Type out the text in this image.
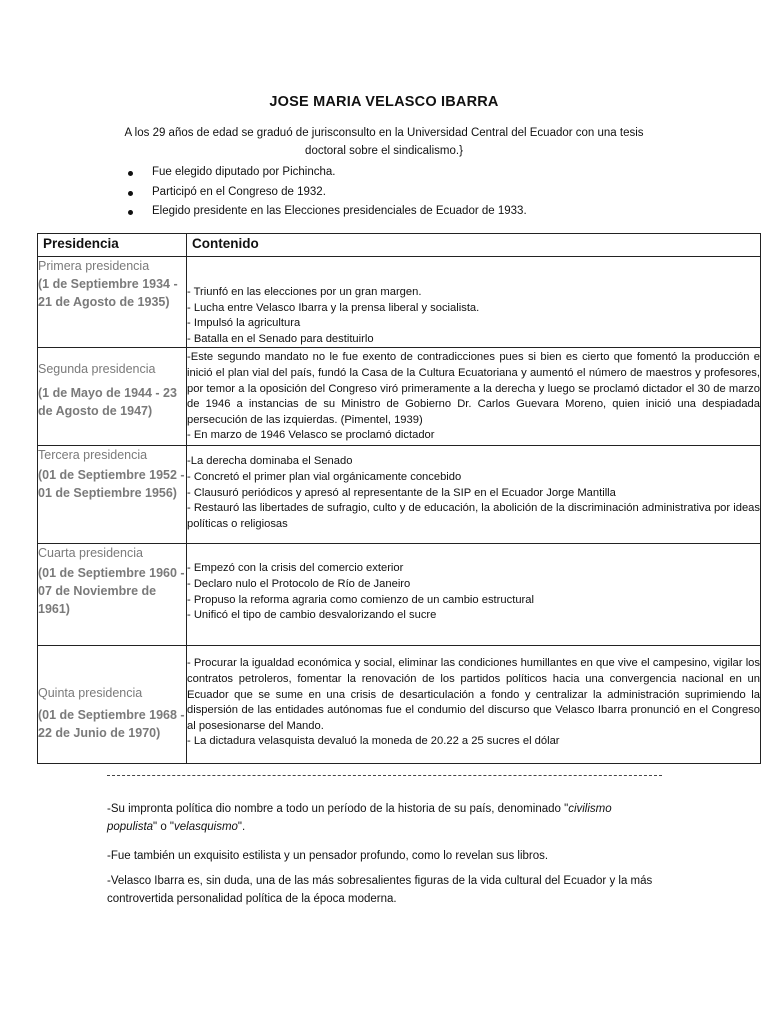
JOSE MARIA VELASCO IBARRA
A los 29 años de edad se graduó de jurisconsulto en la Universidad Central del Ecuador con una tesis doctoral sobre el sindicalismo.}
Fue elegido diputado por Pichincha.
Participó en el Congreso de 1932.
Elegido presidente en las Elecciones presidenciales de Ecuador de 1933.
Presidencia	Contenido

Primera presidencia
(1 de Septiembre 1934 - 21 de Agosto de 1935)	- Triunfó en las elecciones por un gran margen.
- Lucha entre Velasco Ibarra y la prensa liberal y socialista.
- Impulsó la agricultura
- Batalla en el Senado para destituirlo

Segunda presidencia
(1 de Mayo de 1944 - 23 de Agosto de 1947)	-Este segundo mandato no le fue exento de contradicciones pues si bien es cierto que fomentó la producción e inició el plan vial del país, fundó la Casa de la Cultura Ecuatoriana y aumentó el número de maestros y profesores, por temor a la oposición del Congreso viró primeramente a la derecha y luego se proclamó dictador el 30 de marzo de 1946 a instancias de su Ministro de Gobierno Dr. Carlos Guevara Moreno, quien inició una despiadada persecución de las izquierdas. (Pimentel, 1939)
- En marzo de 1946 Velasco se proclamó dictador

Tercera presidencia
(01 de Septiembre 1952 - 01 de Septiembre 1956)	-La derecha dominaba el Senado
- Concretó el primer plan vial orgánicamente concebido
- Clausuró periódicos y apresó al representante de la SIP en el Ecuador Jorge Mantilla
- Restauró las libertades de sufragio, culto y de educación, la abolición de la discriminación administrativa por ideas políticas o religiosas

Cuarta presidencia
(01 de Septiembre 1960 - 07 de Noviembre de 1961)	- Empezó con la crisis del comercio exterior
- Declaro nulo el Protocolo de Río de Janeiro
- Propuso la reforma agraria como comienzo de un cambio estructural
- Unificó el tipo de cambio desvalorizando el sucre

Quinta presidencia
(01 de Septiembre 1968 - 22 de Junio de 1970)	- Procurar la igualdad económica y social, eliminar las condiciones humillantes en que vive el campesino, vigilar los contratos petroleros, fomentar la renovación de los partidos políticos hacia una convergencia nacional en un Ecuador que se sume en una crisis de desarticulación a fondo y centralizar la administración suprimiendo la dispersión de las entidades autónomas fue el condumio del discurso que Velasco Ibarra pronunció en el Congreso al posesionarse del Mando.
- La dictadura velasquista devaluó la moneda de 20.22 a 25 sucres el dólar
-Su impronta política dio nombre a todo un período de la historia de su país, denominado "civilismo populista" o "velasquismo".
-Fue también un exquisito estilista y un pensador profundo, como lo revelan sus libros.
-Velasco Ibarra es, sin duda, una de las más sobresalientes figuras de la vida cultural del Ecuador y la más controvertida personalidad política de la época moderna.
